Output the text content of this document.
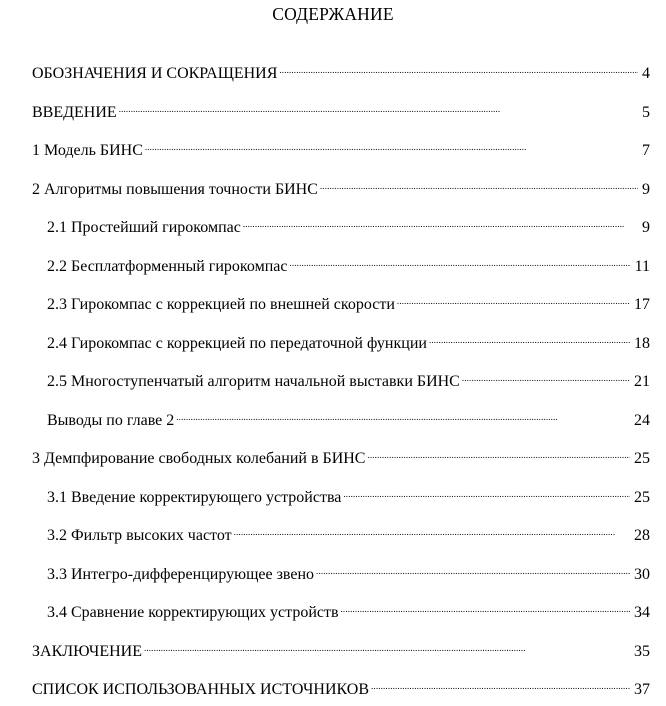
СОДЕРЖАНИЕ
ОБОЗНАЧЕНИЯ И СОКРАЩЕНИЯ . . .	4
ВВЕДЕНИЕ . . .	5
1 Модель БИНС . . .	7
2 Алгоритмы повышения точности БИНС . . .	9
2.1 Простейший гирокомпас . . .	9
2.2 Бесплатформенный гирокомпас . . .	11
2.3 Гирокомпас с коррекцией по внешней скорости . . .	17
2.4 Гирокомпас с коррекцией по передаточной функции . . .	18
2.5 Многоступенчатый алгоритм начальной выставки БИНС . . .	21
Выводы по главе 2 . . .	24
3 Демпфирование свободных колебаний в БИНС . . .	25
3.1 Введение корректирующего устройства . . .	25
3.2 Фильтр высоких частот . . .	28
3.3 Интегро-дифференцирующее звено . . .	30
3.4 Сравнение корректирующих устройств . . .	34
ЗАКЛЮЧЕНИЕ . . .	35
СПИСОК ИСПОЛЬЗОВАННЫХ ИСТОЧНИКОВ . . .	37
